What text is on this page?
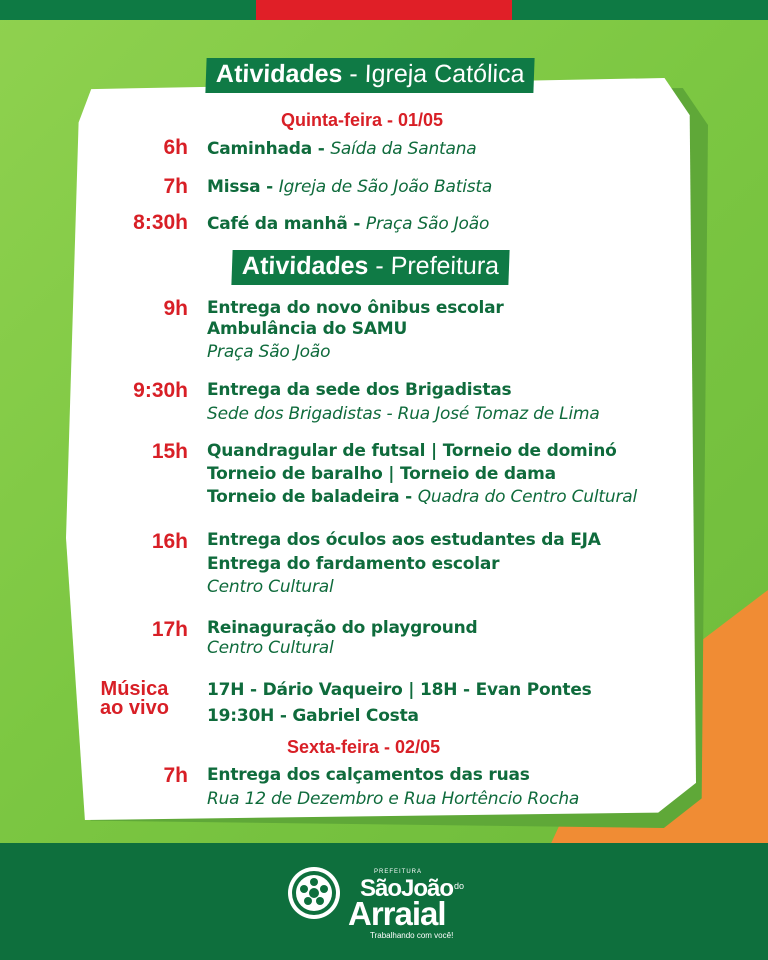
Atividades - Igreja Católica
Quinta-feira - 01/05
6h Caminhada - Saída da Santana
7h Missa - Igreja de São João Batista
8:30h Café da manhã - Praça São João
Atividades - Prefeitura
9h Entrega do novo ônibus escolar
Ambulância do SAMU
Praça São João
9:30h Entrega da sede dos Brigadistas
Sede dos Brigadistas - Rua José Tomaz de Lima
15h Quandragular de futsal | Torneio de dominó
Torneio de baralho | Torneio de dama
Torneio de baladeira - Quadra do Centro Cultural
16h Entrega dos óculos aos estudantes da EJA
Entrega do fardamento escolar
Centro Cultural
17h Reinaguração do playground
Centro Cultural
Música
ao vivo
17H - Dário Vaqueiro | 18H - Evan Pontes
19:30H - Gabriel Costa
Sexta-feira - 02/05
7h Entrega dos calçamentos das ruas
Rua 12 de Dezembro e Rua Hortêncio Rocha
PREFEITURA
SãoJoão do
Arraial
Trabalhando com você!
